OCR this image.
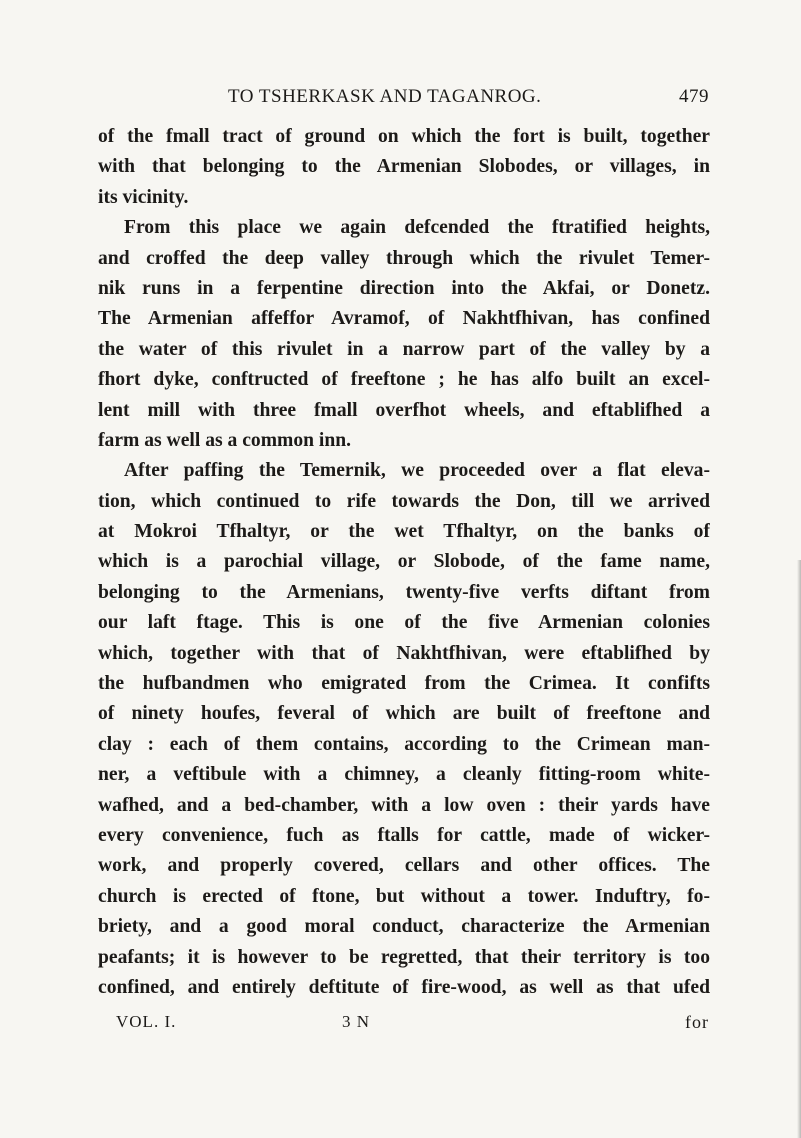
TO TSHERKASK AND TAGANROG.	479
of the fmall tract of ground on which the fort is built, together
with that belonging to the Armenian Slobodes, or villages, in
its vicinity.
From this place we again defcended the ftratified heights,
and croffed the deep valley through which the rivulet Temer-
nik runs in a ferpentine direction into the Akfai, or Donetz.
The Armenian affeffor Avramof, of Nakhtfhivan, has confined
the water of this rivulet in a narrow part of the valley by a
fhort dyke, conftructed of freeftone ; he has alfo built an excel-
lent mill with three fmall overfhot wheels, and eftablifhed a
farm as well as a common inn.
After paffing the Temernik, we proceeded over a flat eleva-
tion, which continued to rife towards the Don, till we arrived
at Mokroi Tfhaltyr, or the wet Tfhaltyr, on the banks of
which is a parochial village, or Slobode, of the fame name,
belonging to the Armenians, twenty-five verfts diftant from
our laft ftage. This is one of the five Armenian colonies
which, together with that of Nakhtfhivan, were eftablifhed by
the hufbandmen who emigrated from the Crimea. It confifts
of ninety houfes, feveral of which are built of freeftone and
clay : each of them contains, according to the Crimean man-
ner, a veftibule with a chimney, a cleanly fitting-room white-
wafhed, and a bed-chamber, with a low oven : their yards have
every convenience, fuch as ftalls for cattle, made of wicker-
work, and properly covered, cellars and other offices. The
church is erected of ftone, but without a tower. Induftry, fo-
briety, and a good moral conduct, characterize the Armenian
peafants; it is however to be regretted, that their territory is too
confined, and entirely deftitute of fire-wood, as well as that ufed
VOL. I.	3 N	for
